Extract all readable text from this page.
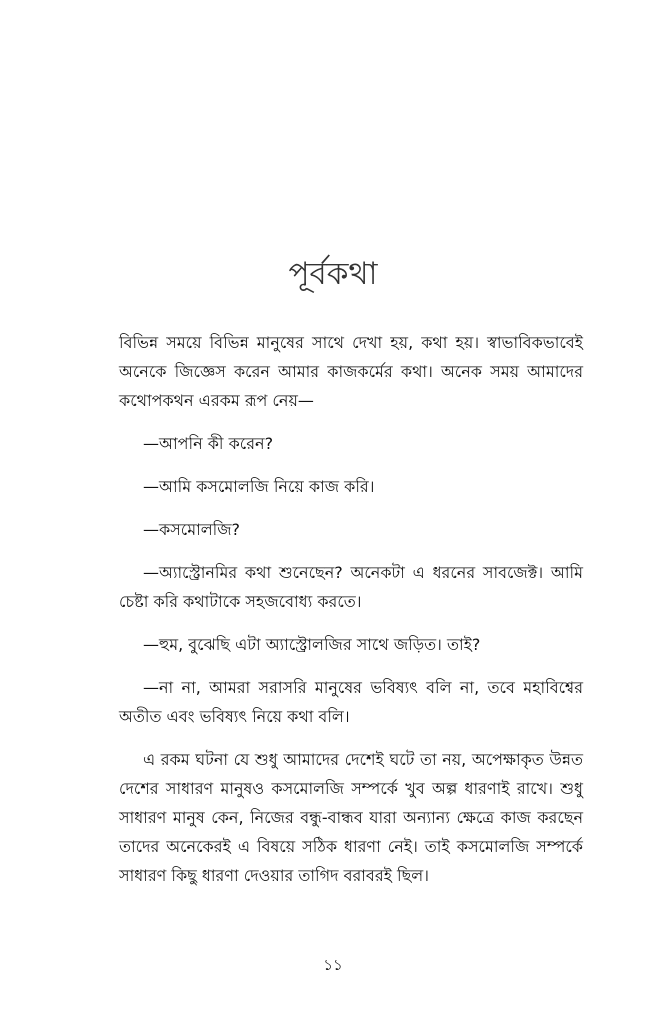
পূর্বকথা

বিভিন্ন সময়ে বিভিন্ন মানুষের সাথে দেখা হয়, কথা হয়। স্বাভাবিকভাবেই অনেকে জিজ্ঞেস করেন আমার কাজকর্মের কথা। অনেক সময় আমাদের কথোপকথন এরকম রূপ নেয়—

—আপনি কী করেন?

—আমি কসমোলজি নিয়ে কাজ করি।

—কসমোলজি?

—অ্যাস্ট্রোনমির কথা শুনেছেন? অনেকটা এ ধরনের সাবজেক্ট। আমি চেষ্টা করি কথাটাকে সহজবোধ্য করতে।

—হুম, বুঝেছি এটা অ্যাস্ট্রোলজির সাথে জড়িত। তাই?

—না না, আমরা সরাসরি মানুষের ভবিষ্যৎ বলি না, তবে মহাবিশ্বের অতীত এবং ভবিষ্যৎ নিয়ে কথা বলি।

এ রকম ঘটনা যে শুধু আমাদের দেশেই ঘটে তা নয়, অপেক্ষাকৃত উন্নত দেশের সাধারণ মানুষও কসমোলজি সম্পর্কে খুব অল্প ধারণাই রাখে। শুধু সাধারণ মানুষ কেন, নিজের বন্ধু-বান্ধব যারা অন্যান্য ক্ষেত্রে কাজ করছেন তাদের অনেকেরই এ বিষয়ে সঠিক ধারণা নেই। তাই কসমোলজি সম্পর্কে সাধারণ কিছু ধারণা দেওয়ার তাগিদ বরাবরই ছিল।

১১
